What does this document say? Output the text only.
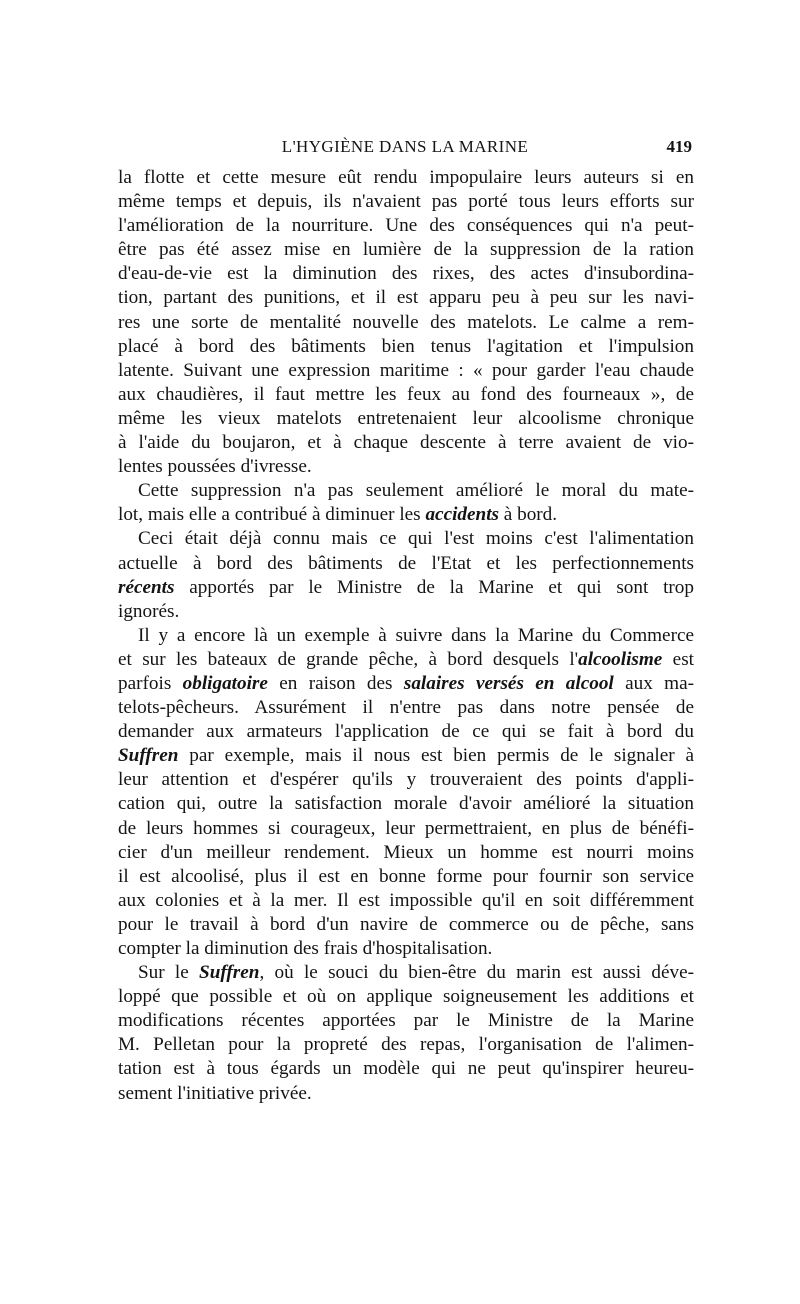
L'HYGIÈNE DANS LA MARINE	419
la flotte et cette mesure eût rendu impopulaire leurs auteurs si en
même temps et depuis, ils n'avaient pas porté tous leurs efforts sur
l'amélioration de la nourriture. Une des conséquences qui n'a peut-
être pas été assez mise en lumière de la suppression de la ration
d'eau-de-vie est la diminution des rixes, des actes d'insubordina-
tion, partant des punitions, et il est apparu peu à peu sur les navi-
res une sorte de mentalité nouvelle des matelots. Le calme a rem-
placé à bord des bâtiments bien tenus l'agitation et l'impulsion
latente. Suivant une expression maritime : « pour garder l'eau chaude
aux chaudières, il faut mettre les feux au fond des fourneaux », de
même les vieux matelots entretenaient leur alcoolisme chronique
à l'aide du boujaron, et à chaque descente à terre avaient de vio-
lentes poussées d'ivresse.
Cette suppression n'a pas seulement amélioré le moral du mate-
lot, mais elle a contribué à diminuer les accidents à bord.
Ceci était déjà connu mais ce qui l'est moins c'est l'alimentation
actuelle à bord des bâtiments de l'Etat et les perfectionnements
récents apportés par le Ministre de la Marine et qui sont trop
ignorés.
Il y a encore là un exemple à suivre dans la Marine du Commerce
et sur les bateaux de grande pêche, à bord desquels l'alcoolisme est
parfois obligatoire en raison des salaires versés en alcool aux ma-
telots-pêcheurs. Assurément il n'entre pas dans notre pensée de
demander aux armateurs l'application de ce qui se fait à bord du
Suffren par exemple, mais il nous est bien permis de le signaler à
leur attention et d'espérer qu'ils y trouveraient des points d'appli-
cation qui, outre la satisfaction morale d'avoir amélioré la situation
de leurs hommes si courageux, leur permettraient, en plus de bénéfi-
cier d'un meilleur rendement. Mieux un homme est nourri moins
il est alcoolisé, plus il est en bonne forme pour fournir son service
aux colonies et à la mer. Il est impossible qu'il en soit différemment
pour le travail à bord d'un navire de commerce ou de pêche, sans
compter la diminution des frais d'hospitalisation.
Sur le Suffren, où le souci du bien-être du marin est aussi déve-
loppé que possible et où on applique soigneusement les additions et
modifications récentes apportées par le Ministre de la Marine
M. Pelletan pour la propreté des repas, l'organisation de l'alimen-
tation est à tous égards un modèle qui ne peut qu'inspirer heureu-
sement l'initiative privée.
